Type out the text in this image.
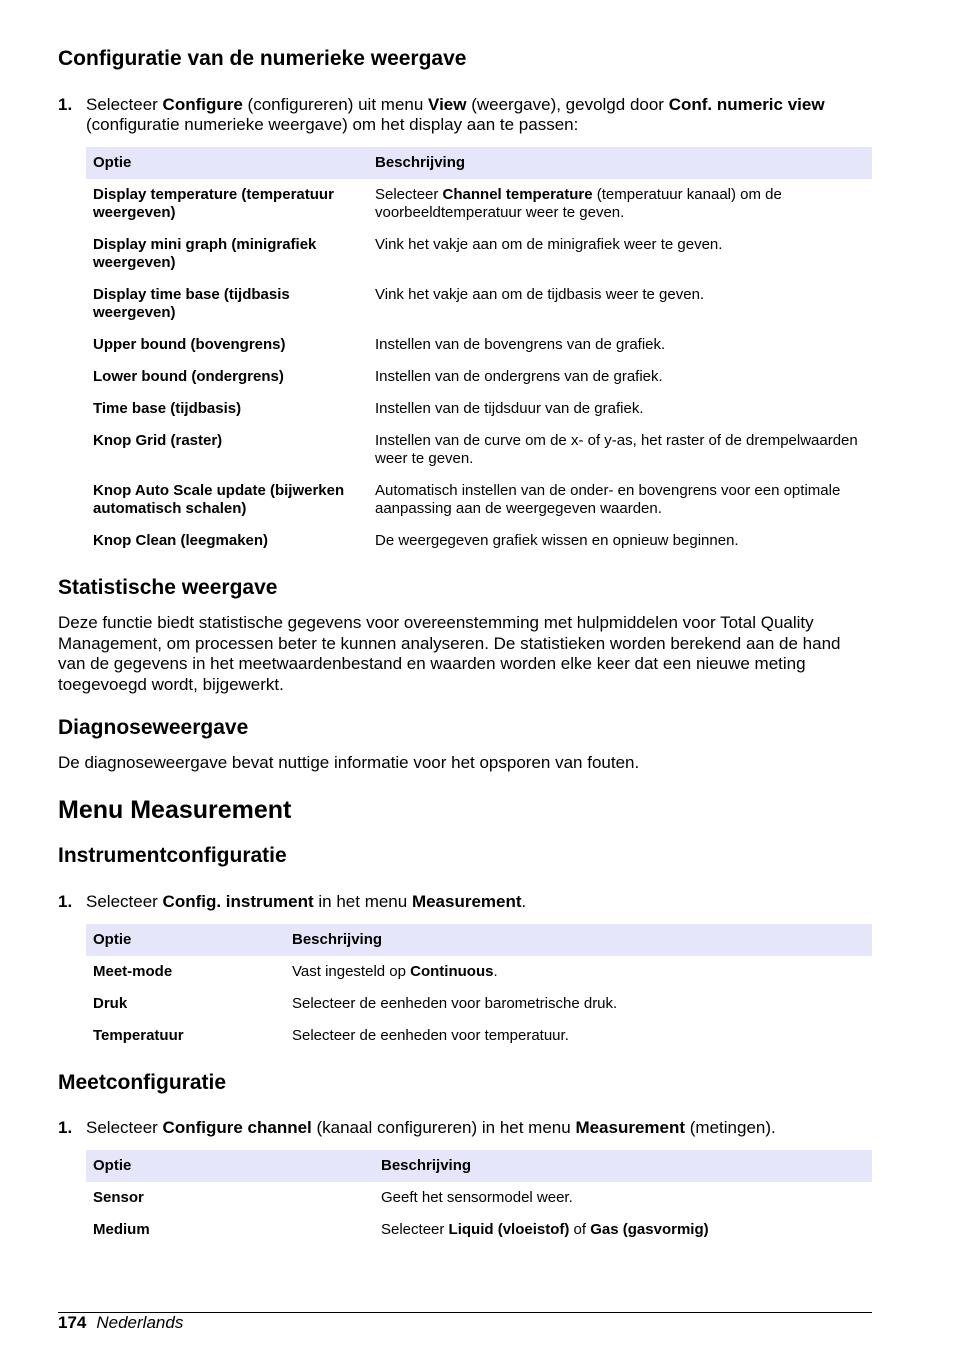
Configuratie van de numerieke weergave
1. Selecteer Configure (configureren) uit menu View (weergave), gevolgd door Conf. numeric view (configuratie numerieke weergave) om het display aan te passen:
Optie	Beschrijving
Display temperature (temperatuur weergeven)	Selecteer Channel temperature (temperatuur kanaal) om de voorbeeldtemperatuur weer te geven.
Display mini graph (minigrafiek weergeven)	Vink het vakje aan om de minigrafiek weer te geven.
Display time base (tijdbasis weergeven)	Vink het vakje aan om de tijdbasis weer te geven.
Upper bound (bovengrens)	Instellen van de bovengrens van de grafiek.
Lower bound (ondergrens)	Instellen van de ondergrens van de grafiek.
Time base (tijdbasis)	Instellen van de tijdsduur van de grafiek.
Knop Grid (raster)	Instellen van de curve om de x- of y-as, het raster of de drempelwaarden weer te geven.
Knop Auto Scale update (bijwerken automatisch schalen)	Automatisch instellen van de onder- en bovengrens voor een optimale aanpassing aan de weergegeven waarden.
Knop Clean (leegmaken)	De weergegeven grafiek wissen en opnieuw beginnen.
Statistische weergave

Deze functie biedt statistische gegevens voor overeenstemming met hulpmiddelen voor Total Quality Management, om processen beter te kunnen analyseren. De statistieken worden berekend aan de hand van de gegevens in het meetwaardenbestand en waarden worden elke keer dat een nieuwe meting toegevoegd wordt, bijgewerkt.

Diagnoseweergave

De diagnoseweergave bevat nuttige informatie voor het opsporen van fouten.

Menu Measurement
Instrumentconfiguratie
1. Selecteer Config. instrument in het menu Measurement.
Optie	Beschrijving
Meet-mode	Vast ingesteld op Continuous.
Druk	Selecteer de eenheden voor barometrische druk.
Temperatuur	Selecteer de eenheden voor temperatuur.
Meetconfiguratie
1. Selecteer Configure channel (kanaal configureren) in het menu Measurement (metingen).
Optie	Beschrijving
Sensor	Geeft het sensormodel weer.
Medium	Selecteer Liquid (vloeistof) of Gas (gasvormig)
174 Nederlands
